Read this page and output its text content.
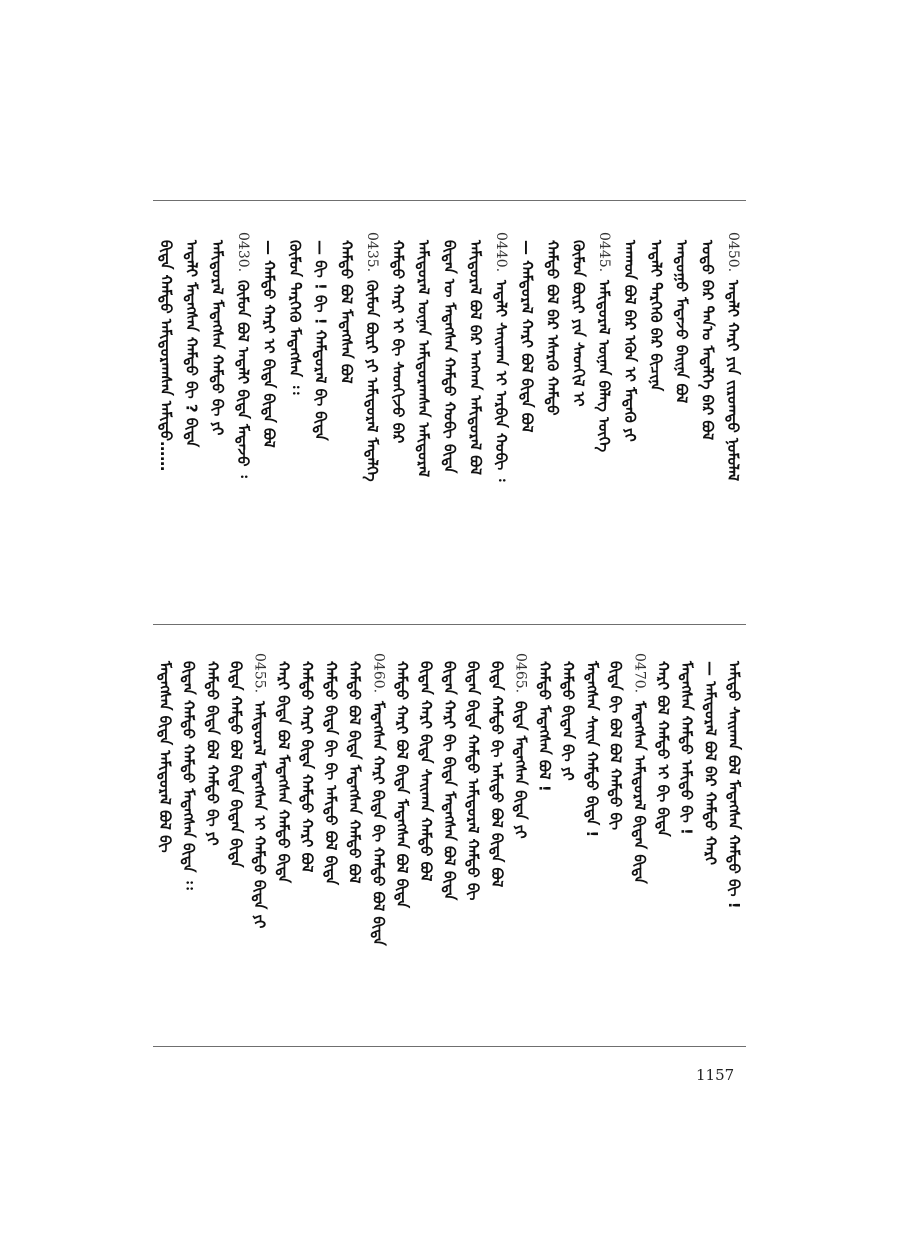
0450.ᠠᠳᠠᠯᠢ ᠬᠠᠷᠢ ᠶᠢᠨ ᠵᠢᠷᠤᠭᠲᠤ ᠨᠣᠮᠤᠯᠠᠯ
ᠣᠳᠣ ᠪᠡᠷ ᠲᠠᠨ᠎ᠤ ᠮᠡᠳᠡᠯᠭᠡ ᠪᠡᠷ ᠪᠣᠯ
ᠠᠨᠳᠤᠭᠤ ᠮᠡᠳᠡᠵᠦ ᠪᠠᠢᠨᠠ ᠪᠣᠯ
ᠠᠳᠠᠯᠢ ᠲᠡᠷᠭᠡᠭᠦ ᠪᠡᠷ ᠪᠢᠴᠢᠨᠡ
ᠠᠬᠠᠳ ᠪᠣᠯ ᠪᠡᠷ ᠡᠭᠦᠨ ᠢ ᠮᠡᠳᠡᠬᠦ ᠶᠢ
0445.ᠠᠮᠢᠳᠤᠷᠠᠯ ᠦᠨᠡᠨ ᠪᠡᠯᠡᠭ ᠦᠬᠡ
ᠬᠦᠮᠦᠨ ᠪᠦᠷᠢ ᠶᠢᠨ ᠰᠡᠳᠬᠢᠯ ᠢ
ᠬᠠᠮᠲᠤ ᠪᠣᠯ ᠪᠡᠷ ᠡᠰᠡᠷᠭᠦ ᠬᠠᠮᠲᠤ
— ᠬᠠᠮᠲᠤᠷᠠᠯ ᠬᠠᠷᠢ ᠪᠣᠯ ᠪᠢᠳᠡ ᠪᠣᠯ
0440.ᠠᠳᠠᠯᠢ ᠰᠠᠢᠬᠠᠨ ᠢ ᠠᠷᠪᠢᠨ ᠬᠤᠪᠢ ᠄
ᠠᠮᠢᠳᠤᠷᠠᠯ ᠪᠣᠯ ᠪᠡᠷ ᠠᠩᠬᠠᠨ ᠠᠮᠢᠳᠤᠷᠠᠯ ᠪᠣᠯ
ᠪᠢᠳᠡᠨ ᠦ ᠮᠡᠳᠡᠭᠰᠡᠨ ᠬᠠᠮᠲᠤ ᠬᠤᠪᠢ ᠪᠢᠳᠡ
ᠠᠮᠢᠳᠤᠷᠠᠯ ᠦᠨᠡᠨ ᠠᠮᠢᠳᠤᠷᠠᠭᠰᠠᠨ ᠠᠮᠢᠳᠤᠷᠠᠯ
ᠬᠠᠮᠲᠤ ᠬᠠᠷᠢ ᠢ ᠪᠢ ᠰᠡᠳᠬᠢᠵᠦ ᠪᠡᠷ
0435.ᠬᠦᠮᠦᠨ ᠪᠦᠷᠢ ᠶᠢ ᠠᠮᠢᠳᠤᠷᠠᠯ ᠮᠡᠳᠡᠯᠭᠡ
ᠬᠠᠮᠲᠤ ᠪᠣᠯ ᠮᠡᠳᠡᠭᠰᠡᠨ ᠪᠣᠯ
— ᠪᠢ ! ᠪᠢ ! ᠬᠠᠮᠲᠤᠷᠠᠯ ᠪᠢ ᠪᠢᠳᠡ
ᠬᠦᠮᠦᠨ ᠲᠡᠷᠭᠡᠭᠦ ᠮᠡᠳᠡᠭᠰᠡᠨ ᠄᠄
— ᠬᠠᠮᠲᠤ ᠬᠠᠷᠢ ᠢ ᠪᠢᠳᠡ ᠪᠢᠳᠡ ᠪᠣᠯ
0430.ᠬᠦᠮᠦᠨ ᠪᠣᠯ ᠠᠳᠠᠯᠢ ᠪᠢᠳᠡ ᠮᠡᠳᠡᠵᠦ ᠄
ᠠᠮᠢᠳᠤᠷᠠᠯ ᠮᠡᠳᠡᠭᠰᠡᠨ ᠬᠠᠮᠲᠤ ᠪᠢ ᠶᠢ
ᠠᠳᠠᠯᠢ ᠮᠡᠳᠡᠭᠰᠡᠨ ᠬᠠᠮᠲᠤ ᠪᠢ ? ᠪᠢᠳᠡ
ᠪᠢᠳᠡ ᠬᠠᠮᠲᠤ ᠠᠮᠢᠳᠤᠷᠠᠭᠰᠠᠨ ᠠᠮᠢᠳᠤ……
ᠠᠮᠢᠳᠤ ᠰᠠᠢᠬᠠᠨ ᠪᠣᠯ ᠮᠡᠳᠡᠭᠰᠡᠨ ᠬᠠᠮᠲᠤ ᠪᠢ !
— ᠠᠮᠢᠳᠤᠷᠠᠯ ᠪᠣᠯ ᠪᠡᠷ ᠬᠠᠮᠲᠤ ᠬᠠᠷᠢ
ᠮᠡᠳᠡᠭᠰᠡᠨ ᠬᠠᠮᠲᠤ ᠠᠮᠢᠳᠤ ᠪᠢ !
ᠬᠠᠷᠢ ᠪᠣᠯ ᠬᠠᠮᠲᠤ ᠢ ᠪᠢ ᠪᠢᠳᠡ
0470.ᠮᠡᠳᠡᠭᠰᠡᠨ ᠠᠮᠢᠳᠤᠷᠠᠯ ᠪᠢᠳᠡᠨ ᠪᠢᠳᠡ
ᠪᠢᠳᠡ ᠪᠢ ᠪᠣᠯ ᠪᠣᠯ ᠬᠠᠮᠲᠤ ᠪᠢ
ᠮᠡᠳᠡᠭᠰᠡᠨ ᠰᠠᠢᠨ ᠬᠠᠮᠲᠤ ᠪᠢᠳᠡ !
ᠬᠠᠮᠲᠤ ᠪᠢᠳᠡᠨ ᠪᠢ ᠶᠢ
ᠬᠠᠮᠲᠤ ᠮᠡᠳᠡᠭᠰᠡᠨ ᠪᠣᠯ !
0465.ᠪᠢᠳᠡ ᠮᠡᠳᠡᠭᠰᠡᠨ ᠪᠢᠳᠡ ᠶᠢ
ᠪᠢᠳᠡ ᠬᠠᠮᠲᠤ ᠪᠢ ᠠᠮᠢᠳᠤ ᠪᠣᠯ ᠪᠢᠳᠡ ᠪᠣᠯ
ᠪᠢᠳᠡᠨ ᠪᠢᠳᠡ ᠬᠠᠮᠲᠤ ᠠᠮᠢᠳᠤᠷᠠᠯ ᠬᠠᠮᠲᠤ ᠪᠢ
ᠪᠢᠳᠡᠨ ᠬᠠᠷᠢ ᠪᠢ ᠪᠢᠳᠡ ᠮᠡᠳᠡᠭᠰᠡᠨ ᠪᠣᠯ ᠪᠢᠳᠡ
ᠪᠢᠳᠡᠨ ᠬᠠᠷᠢ ᠪᠢᠳᠡ ᠰᠠᠢᠬᠠᠨ ᠬᠠᠮᠲᠤ ᠪᠣᠯ
ᠬᠠᠮᠲᠤ ᠬᠠᠷᠢ ᠪᠣᠯ ᠪᠢᠳᠡ ᠮᠡᠳᠡᠭᠰᠡᠨ ᠪᠣᠯ ᠪᠢᠳᠡ
0460.ᠮᠡᠳᠡᠭᠰᠡᠨ ᠬᠠᠷᠢ ᠪᠢᠳᠡ ᠪᠢ ᠬᠠᠮᠲᠤ ᠪᠣᠯ ᠪᠢᠳᠡ
ᠬᠠᠮᠲᠤ ᠪᠣᠯ ᠪᠢᠳᠡ ᠮᠡᠳᠡᠭᠰᠡᠨ ᠬᠠᠮᠲᠤ ᠪᠣᠯ
ᠬᠠᠮᠲᠤ ᠪᠢᠳᠡ ᠪᠢ ᠪᠢ ᠠᠮᠢᠳᠤ ᠪᠣᠯ ᠪᠢᠳᠡ
ᠬᠠᠮᠲᠤ ᠬᠠᠷᠢ ᠪᠢᠳᠡ ᠬᠠᠮᠲᠤ ᠬᠠᠷᠢ ᠪᠣᠯ
ᠬᠠᠷᠢ ᠪᠢᠳᠡ ᠪᠣᠯ ᠮᠡᠳᠡᠭᠰᠡᠨ ᠬᠠᠮᠲᠤ ᠪᠢᠳᠡ
0455.ᠠᠮᠢᠳᠤᠷᠠᠯ ᠮᠡᠳᠡᠭᠰᠡᠨ ᠢ ᠬᠠᠮᠲᠤ ᠪᠢᠳᠡ ᠶᠢ
ᠪᠢᠳᠡ ᠬᠠᠮᠲᠤ ᠪᠣᠯ ᠪᠢᠳᠡ ᠪᠢᠳᠡᠨ ᠪᠢᠳᠡ
ᠬᠠᠮᠲᠤ ᠪᠢᠳᠡ ᠪᠣᠯ ᠬᠠᠮᠲᠤ ᠪᠢ ᠶᠢ
ᠪᠢᠳᠡᠨ ᠬᠠᠮᠲᠤ ᠬᠠᠮᠲᠤ ᠮᠡᠳᠡᠭᠰᠡᠨ ᠪᠢᠳᠡ ᠄᠄
ᠮᠡᠳᠡᠭᠰᠡᠨ ᠪᠢᠳᠡ ᠠᠮᠢᠳᠤᠷᠠᠯ ᠪᠣᠯ ᠪᠢ
1157
